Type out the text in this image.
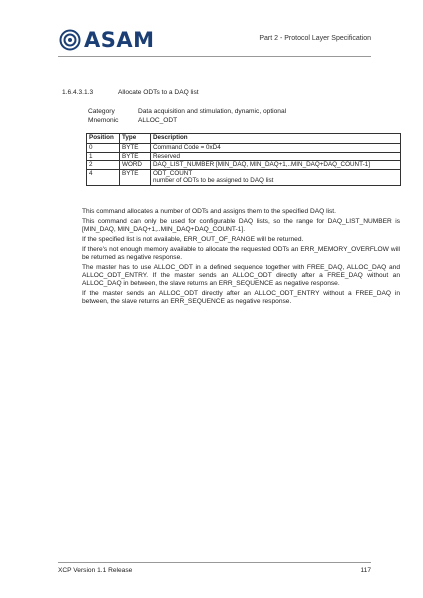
ASAM	Part 2 - Protocol Layer Specification
1.6.4.3.1.3	Allocate ODTs to a DAQ list
Category	Data acquisition and stimulation, dynamic, optional
Mnemonic	ALLOC_ODT
Position	Type	Description
0	BYTE	Command Code = 0xD4
1	BYTE	Reserved
2	WORD	DAQ_LIST_NUMBER [MIN_DAQ, MIN_DAQ+1,..MIN_DAQ+DAQ_COUNT-1]
4	BYTE	ODT_COUNT
number of ODTs to be assigned to DAQ list

This command allocates a number of ODTs and assigns them to the specified DAQ list.

This command can only be used for configurable DAQ lists, so the range for DAQ_LIST_NUMBER is [MIN_DAQ, MIN_DAQ+1,..MIN_DAQ+DAQ_COUNT-1].

If the specified list is not available, ERR_OUT_OF_RANGE will be returned.

If there's not enough memory available to allocate the requested ODTs an ERR_MEMORY_OVERFLOW will be returned as negative response.

The master has to use ALLOC_ODT in a defined sequence together with FREE_DAQ, ALLOC_DAQ and ALLOC_ODT_ENTRY. If the master sends an ALLOC_ODT directly after a FREE_DAQ without an ALLOC_DAQ in between, the slave returns an ERR_SEQUENCE as negative response.

If the master sends an ALLOC_ODT directly after an ALLOC_ODT_ENTRY without a FREE_DAQ in between, the slave returns an ERR_SEQUENCE as negative response.

XCP Version 1.1 Release	117
